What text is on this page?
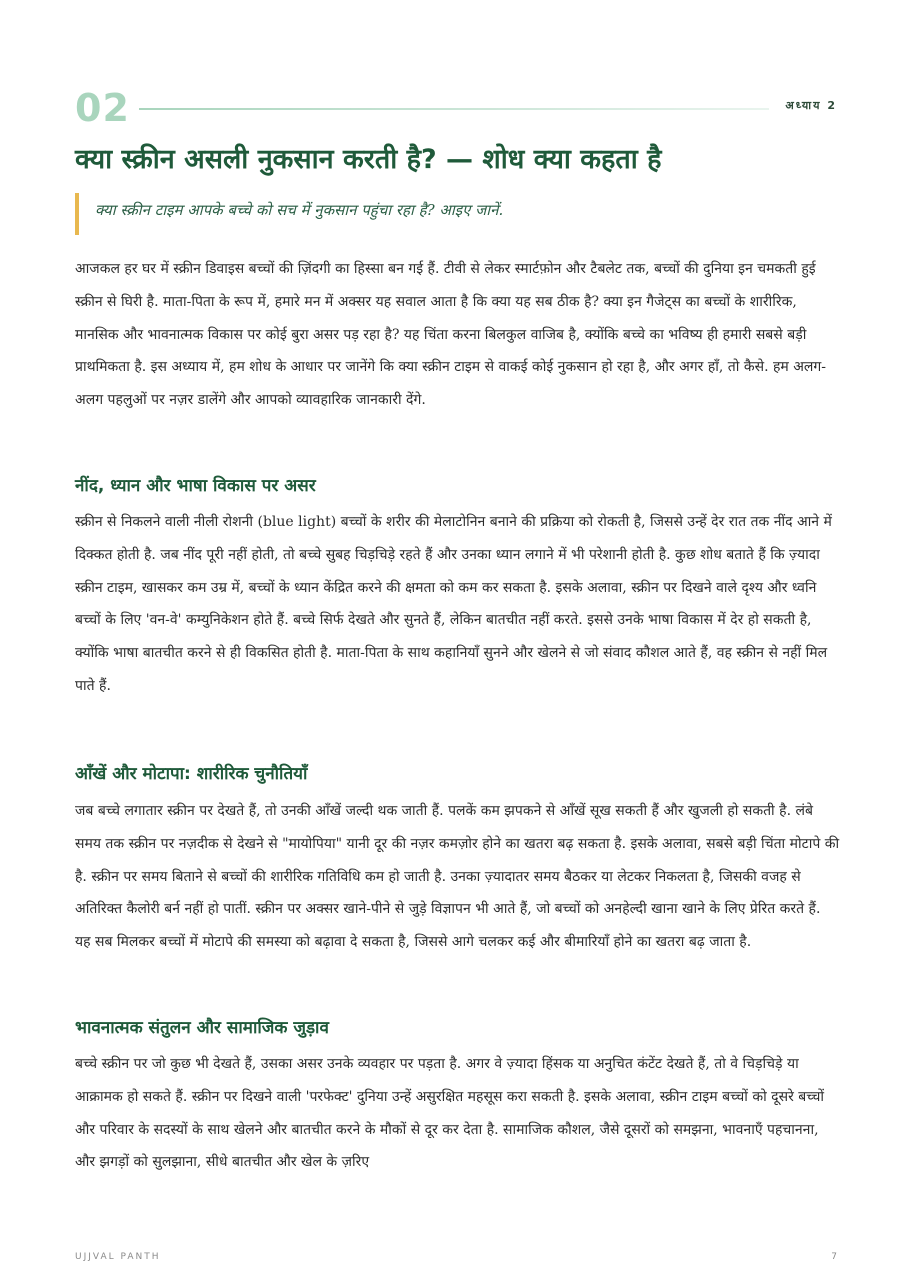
02	अध्याय 2
क्या स्क्रीन असली नुकसान करती है? — शोध क्या कहता है
क्या स्क्रीन टाइम आपके बच्चे को सच में नुकसान पहुंचा रहा है? आइए जानें.

आजकल हर घर में स्क्रीन डिवाइस बच्चों की ज़िंदगी का हिस्सा बन गई हैं. टीवी से लेकर स्मार्टफ़ोन और टैबलेट तक, बच्चों की दुनिया इन चमकती हुई स्क्रीन से घिरी है. माता-पिता के रूप में, हमारे मन में अक्सर यह सवाल आता है कि क्या यह सब ठीक है? क्या इन गैजेट्स का बच्चों के शारीरिक, मानसिक और भावनात्मक विकास पर कोई बुरा असर पड़ रहा है? यह चिंता करना बिलकुल वाजिब है, क्योंकि बच्चे का भविष्य ही हमारी सबसे बड़ी प्राथमिकता है. इस अध्याय में, हम शोध के आधार पर जानेंगे कि क्या स्क्रीन टाइम से वाकई कोई नुकसान हो रहा है, और अगर हाँ, तो कैसे. हम अलग-अलग पहलुओं पर नज़र डालेंगे और आपको व्यावहारिक जानकारी देंगे.

नींद, ध्यान और भाषा विकास पर असर

स्क्रीन से निकलने वाली नीली रोशनी (blue light) बच्चों के शरीर की मेलाटोनिन बनाने की प्रक्रिया को रोकती है, जिससे उन्हें देर रात तक नींद आने में दिक्कत होती है. जब नींद पूरी नहीं होती, तो बच्चे सुबह चिड़चिड़े रहते हैं और उनका ध्यान लगाने में भी परेशानी होती है. कुछ शोध बताते हैं कि ज़्यादा स्क्रीन टाइम, खासकर कम उम्र में, बच्चों के ध्यान केंद्रित करने की क्षमता को कम कर सकता है. इसके अलावा, स्क्रीन पर दिखने वाले दृश्य और ध्वनि बच्चों के लिए 'वन-वे' कम्युनिकेशन होते हैं. बच्चे सिर्फ देखते और सुनते हैं, लेकिन बातचीत नहीं करते. इससे उनके भाषा विकास में देर हो सकती है, क्योंकि भाषा बातचीत करने से ही विकसित होती है. माता-पिता के साथ कहानियाँ सुनने और खेलने से जो संवाद कौशल आते हैं, वह स्क्रीन से नहीं मिल पाते हैं.

आँखें और मोटापा: शारीरिक चुनौतियाँ

जब बच्चे लगातार स्क्रीन पर देखते हैं, तो उनकी आँखें जल्दी थक जाती हैं. पलकें कम झपकने से आँखें सूख सकती हैं और खुजली हो सकती है. लंबे समय तक स्क्रीन पर नज़दीक से देखने से "मायोपिया" यानी दूर की नज़र कमज़ोर होने का खतरा बढ़ सकता है. इसके अलावा, सबसे बड़ी चिंता मोटापे की है. स्क्रीन पर समय बिताने से बच्चों की शारीरिक गतिविधि कम हो जाती है. उनका ज़्यादातर समय बैठकर या लेटकर निकलता है, जिसकी वजह से अतिरिक्त कैलोरी बर्न नहीं हो पातीं. स्क्रीन पर अक्सर खाने-पीने से जुड़े विज्ञापन भी आते हैं, जो बच्चों को अनहेल्दी खाना खाने के लिए प्रेरित करते हैं. यह सब मिलकर बच्चों में मोटापे की समस्या को बढ़ावा दे सकता है, जिससे आगे चलकर कई और बीमारियाँ होने का खतरा बढ़ जाता है.

भावनात्मक संतुलन और सामाजिक जुड़ाव

बच्चे स्क्रीन पर जो कुछ भी देखते हैं, उसका असर उनके व्यवहार पर पड़ता है. अगर वे ज़्यादा हिंसक या अनुचित कंटेंट देखते हैं, तो वे चिड़चिड़े या आक्रामक हो सकते हैं. स्क्रीन पर दिखने वाली 'परफेक्ट' दुनिया उन्हें असुरक्षित महसूस करा सकती है. इसके अलावा, स्क्रीन टाइम बच्चों को दूसरे बच्चों और परिवार के सदस्यों के साथ खेलने और बातचीत करने के मौकों से दूर कर देता है. सामाजिक कौशल, जैसे दूसरों को समझना, भावनाएँ पहचानना, और झगड़ों को सुलझाना, सीधे बातचीत और खेल के ज़रिए

UJJVAL PANTH	7
